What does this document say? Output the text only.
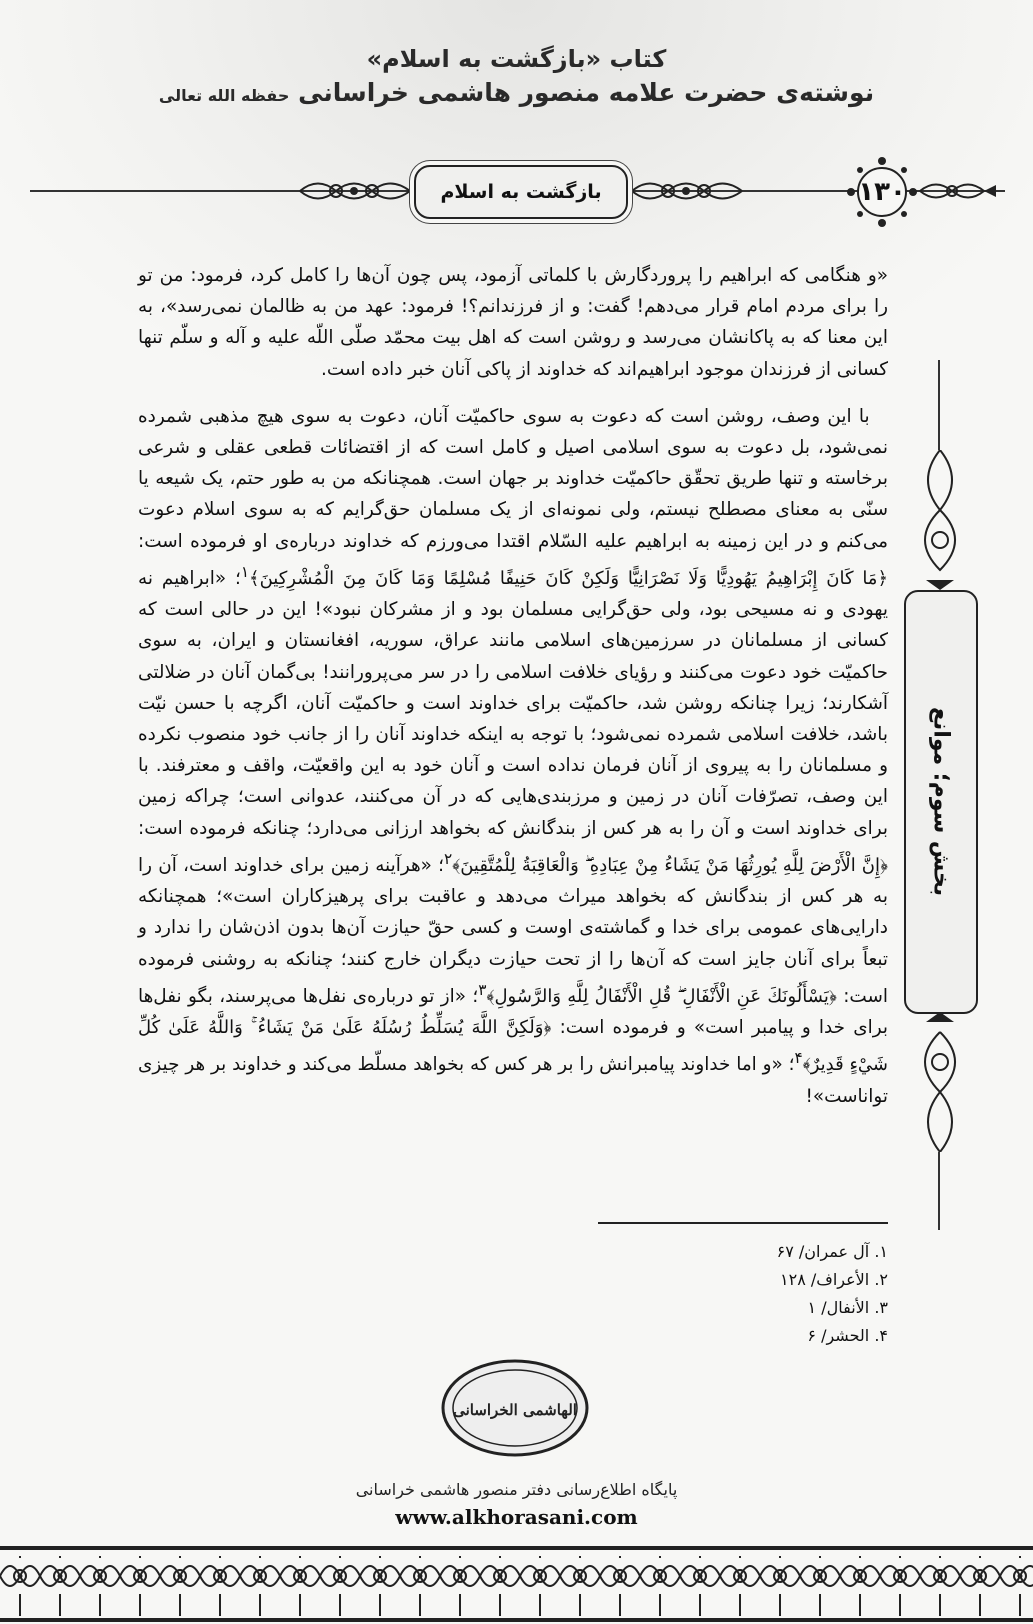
کتاب «بازگشت به اسلام»
نوشته‌ی حضرت علامه منصور هاشمی خراسانی حفظه الله تعالی
بازگشت به اسلام	۱۳۰

«و هنگامی که ابراهیم را پروردگارش با کلماتی آزمود، پس چون آن‌ها را کامل کرد، فرمود: من تو را برای مردم امام قرار می‌دهم! گفت: و از فرزندانم؟! فرمود: عهد من به ظالمان نمی‌رسد»، به این معنا که به پاکانشان می‌رسد و روشن است که اهل بیت محمّد صلّی اللّه علیه و آله و سلّم تنها کسانی از فرزندان موجود ابراهیم‌اند که خداوند از پاکی آنان خبر داده است.

 با این وصف، روشن است که دعوت به سوی حاکمیّت آنان، دعوت به سوی هیچ مذهبی شمرده نمی‌شود، بل دعوت به سوی اسلامی اصیل و کامل است که از اقتضائات قطعی عقلی و شرعی برخاسته و تنها طریق تحقّق حاکمیّت خداوند بر جهان است. همچنانکه من به طور حتم، یک شیعه یا سنّی به معنای مصطلح نیستم، ولی نمونه‌ای از یک مسلمان حق‌گرایم که به سوی اسلام دعوت می‌کنم و در این زمینه به ابراهیم علیه السّلام اقتدا می‌ورزم که خداوند درباره‌ی او فرموده است: ﴿مَا كَانَ إِبْرَاهِيمُ يَهُودِيًّا وَلَا نَصْرَانِيًّا وَلَكِنْ كَانَ حَنِيفًا مُسْلِمًا وَمَا كَانَ مِنَ الْمُشْرِكِينَ﴾$^۱$؛ «ابراهیم نه یهودی و نه مسیحی بود، ولی حق‌گرایی مسلمان بود و از مشرکان نبود»! این در حالی است که کسانی از مسلمانان در سرزمین‌های اسلامی مانند عراق، سوریه، افغانستان و ایران، به سوی حاکمیّت خود دعوت می‌کنند و رؤیای خلافت اسلامی را در سر می‌پرورانند! بی‌گمان آنان در ضلالتی آشکارند؛ زیرا چنانکه روشن شد، حاکمیّت برای خداوند است و حاکمیّت آنان، اگرچه با حسن نیّت باشد، خلافت اسلامی شمرده نمی‌شود؛ با توجه به اینکه خداوند آنان را از جانب خود منصوب نکرده و مسلمانان را به پیروی از آنان فرمان نداده است و آنان خود به این واقعیّت، واقف و معترفند. با این وصف، تصرّفات آنان در زمین و مرزبندی‌هایی که در آن می‌کنند، عدوانی است؛ چراکه زمین برای خداوند است و آن را به هر کس از بندگانش که بخواهد ارزانی می‌دارد؛ چنانکه فرموده است: ﴿إِنَّ الْأَرْضَ لِلَّهِ يُورِثُهَا مَنْ يَشَاءُ مِنْ عِبَادِهِ ۖ وَالْعَاقِبَةُ لِلْمُتَّقِينَ﴾$^۲$؛ «هرآینه زمین برای خداوند است، آن را به هر کس از بندگانش که بخواهد میراث می‌دهد و عاقبت برای پرهیزکاران است»؛ همچنانکه دارایی‌های عمومی برای خدا و گماشته‌ی اوست و کسی حقّ حیازت آن‌ها بدون اذن‌شان را ندارد و تبعاً برای آنان جایز است که آن‌ها را از تحت حیازت دیگران خارج کنند؛ چنانکه به روشنی فرموده است: ﴿يَسْأَلُونَكَ عَنِ الْأَنْفَالِ ۖ قُلِ الْأَنْفَالُ لِلَّهِ وَالرَّسُولِ﴾$^۳$؛ «از تو درباره‌ی نفل‌ها می‌پرسند، بگو نفل‌ها برای خدا و پیامبر است» و فرموده است: ﴿وَلَكِنَّ اللَّهَ يُسَلِّطُ رُسُلَهُ عَلَىٰ مَنْ يَشَاءُ ۚ وَاللَّهُ عَلَىٰ كُلِّ شَيْءٍ قَدِيرٌ﴾$^۴$؛ «و اما خداوند پیامبرانش را بر هر کس که بخواهد مسلّط می‌کند و خداوند بر هر چیزی تواناست»!

بخش سوم؛ موانع
۱. آل عمران/ ۶۷
۲. الأعراف/ ۱۲۸
۳. الأنفال/ ۱
۴. الحشر/ ۶
الهاشمی الخراسانی
پایگاه اطلاع‌رسانی دفتر منصور هاشمی خراسانی
www.alkhorasani.com
